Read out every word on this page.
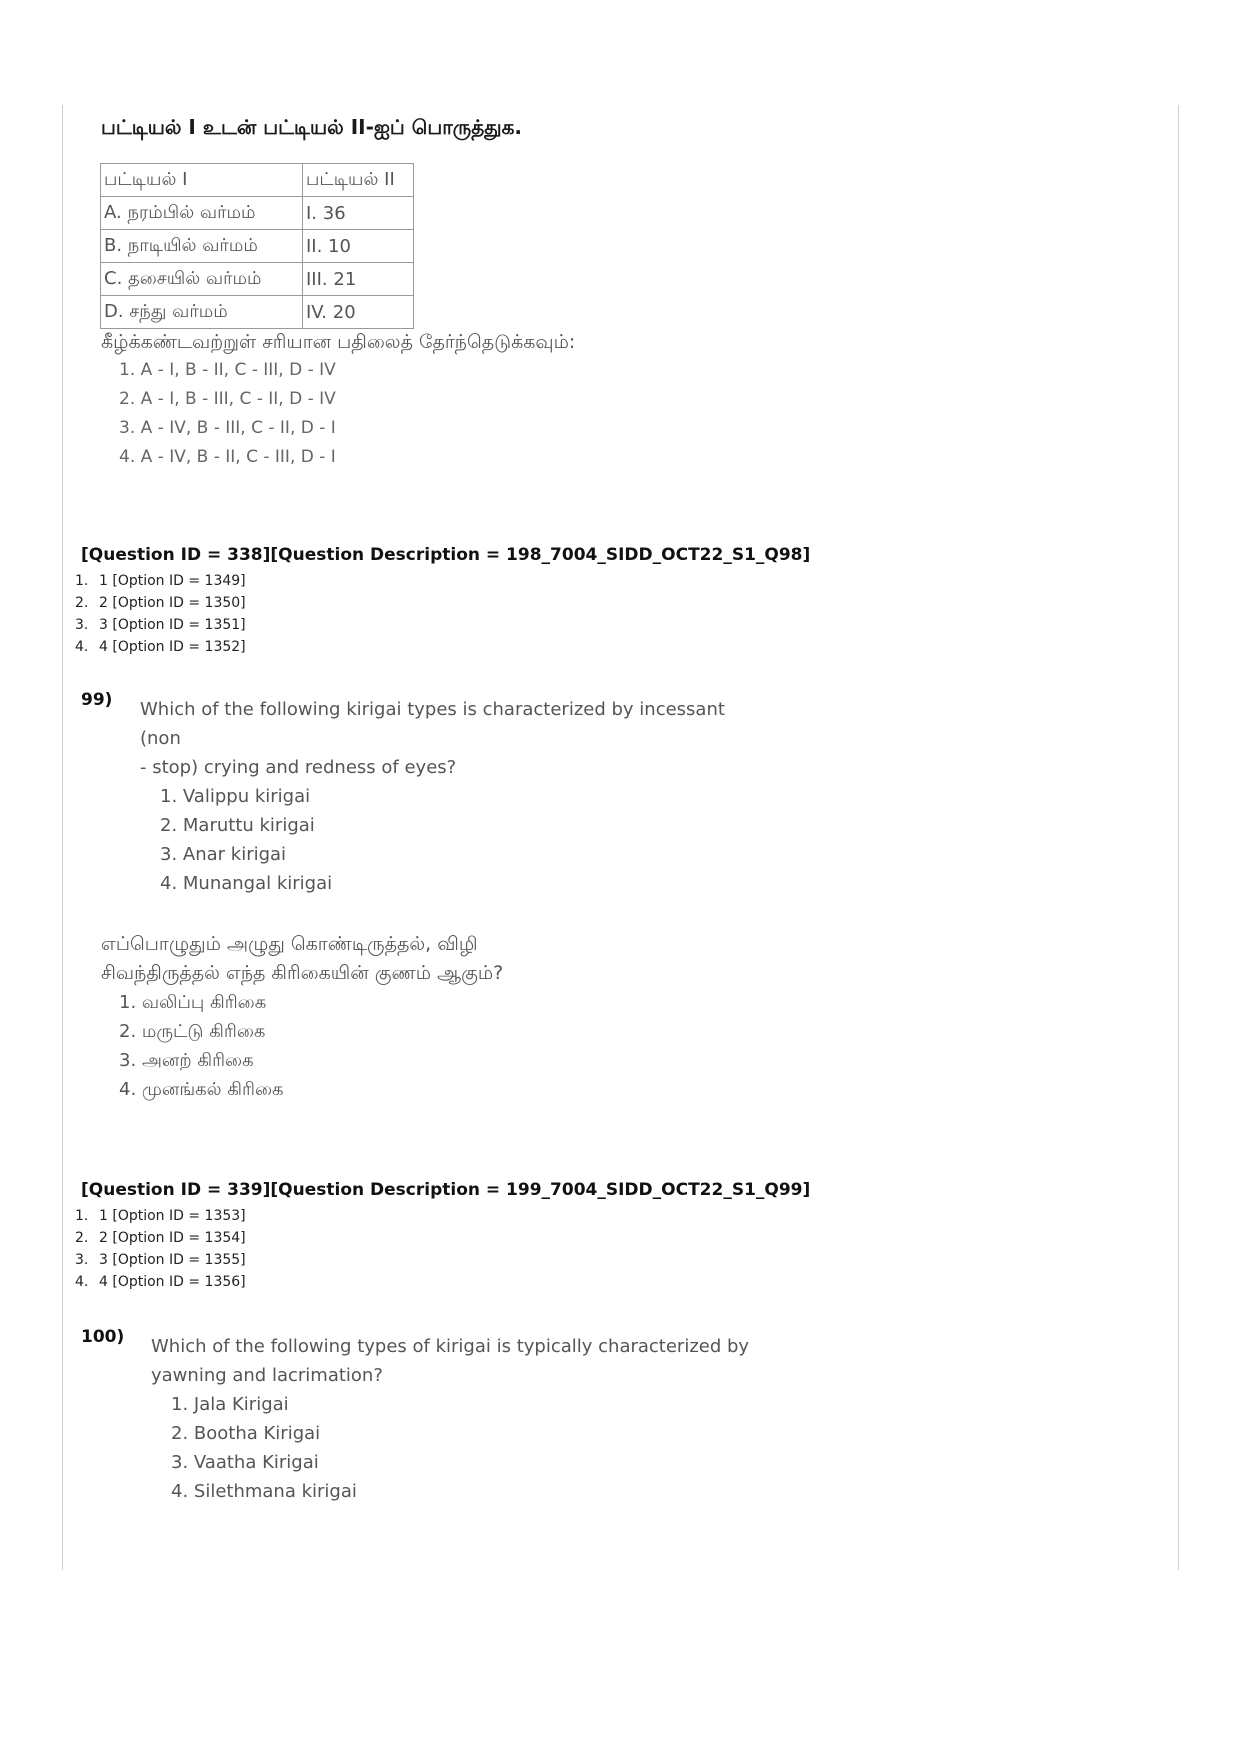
பட்டியல் I உடன் பட்டியல் II-ஐப் பொருத்துக.
பட்டியல் I	பட்டியல் II
A. நரம்பில் வர்மம்	I. 36
B. நாடியில் வர்மம்	II. 10
C. தசையில் வர்மம்	III. 21
D. சந்து வர்மம்	IV. 20
கீழ்க்கண்டவற்றுள் சரியான பதிலைத் தேர்ந்தெடுக்கவும்:
1. A - I, B - II, C - III, D - IV
2. A - I, B - III, C - II, D - IV
3. A - IV, B - III, C - II, D - I
4. A - IV, B - II, C - III, D - I
[Question ID = 338][Question Description = 198_7004_SIDD_OCT22_S1_Q98]
1. 1 [Option ID = 1349]
2. 2 [Option ID = 1350]
3. 3 [Option ID = 1351]
4. 4 [Option ID = 1352]
99) Which of the following kirigai types is characterized by incessant (non
- stop) crying and redness of eyes?
1. Valippu kirigai
2. Maruttu kirigai
3. Anar kirigai
4. Munangal kirigai
எப்பொழுதும் அழுது கொண்டிருத்தல், விழி
சிவந்திருத்தல் எந்த கிரிகையின் குணம் ஆகும்?
1. வலிப்பு கிரிகை
2. மருட்டு கிரிகை
3. அனற் கிரிகை
4. முனங்கல் கிரிகை
[Question ID = 339][Question Description = 199_7004_SIDD_OCT22_S1_Q99]
1. 1 [Option ID = 1353]
2. 2 [Option ID = 1354]
3. 3 [Option ID = 1355]
4. 4 [Option ID = 1356]
100) Which of the following types of kirigai is typically characterized by
yawning and lacrimation?
1. Jala Kirigai
2. Bootha Kirigai
3. Vaatha Kirigai
4. Silethmana kirigai
